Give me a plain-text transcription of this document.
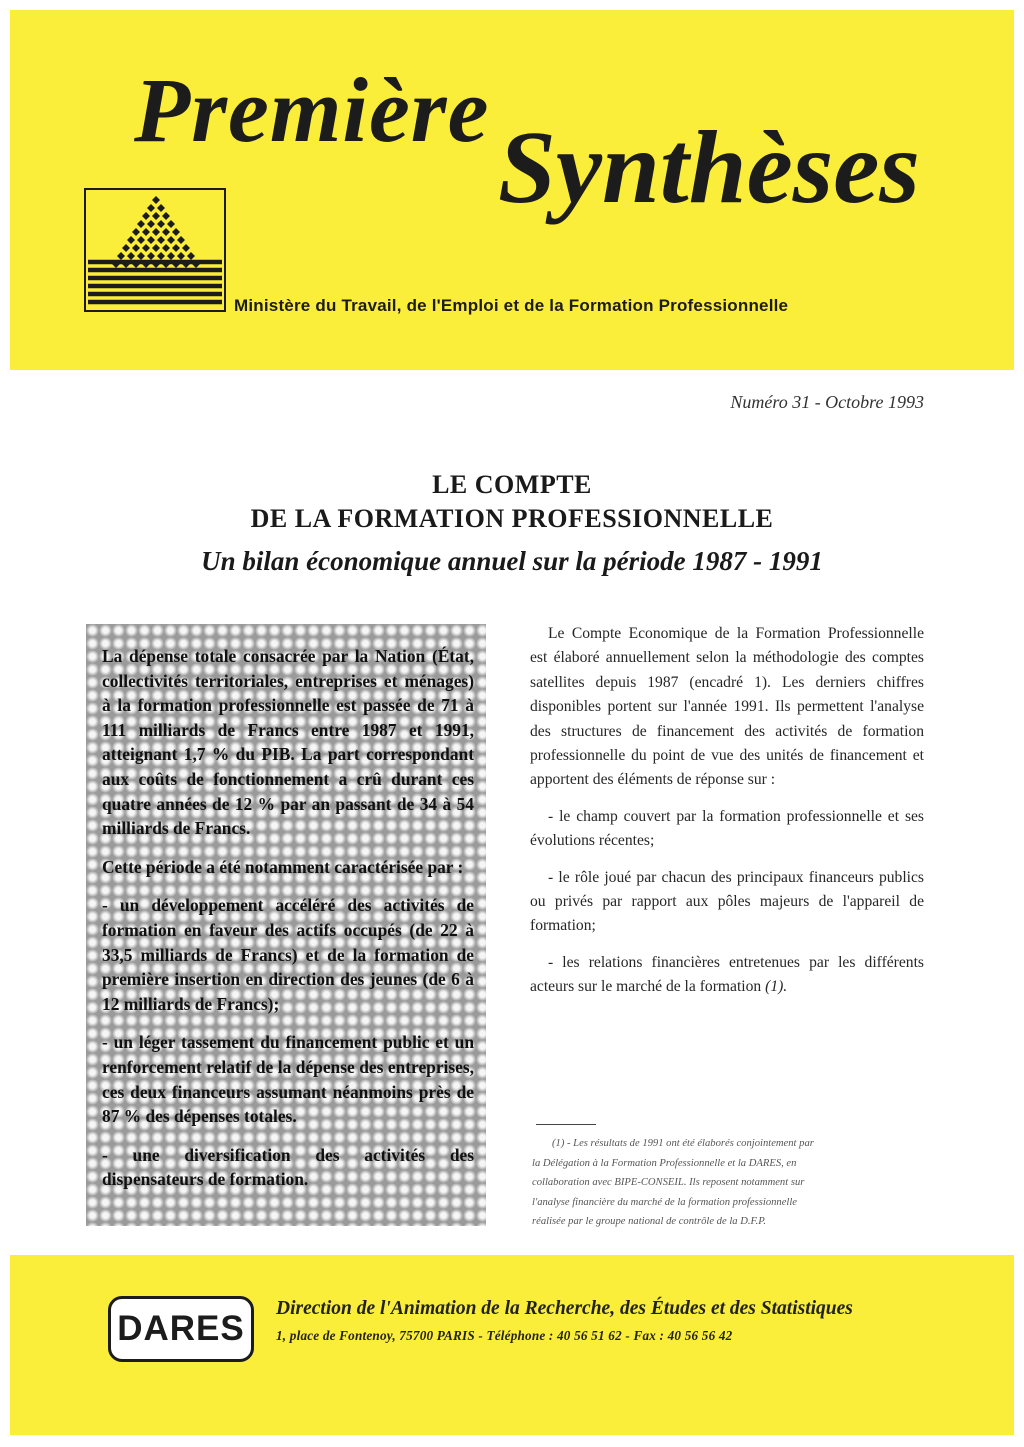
Première Synthèses

Ministère du Travail, de l'Emploi et de la Formation Professionnelle

Numéro 31 - Octobre 1993

LE COMPTE
DE LA FORMATION PROFESSIONNELLE
Un bilan économique annuel sur la période 1987 - 1991

La dépense totale consacrée par la Nation (État, collectivités territoriales, entreprises et ménages) à la formation professionnelle est passée de 71 à 111 milliards de Francs entre 1987 et 1991, atteignant 1,7 % du PIB. La part correspondant aux coûts de fonctionnement a crû durant ces quatre années de 12 % par an passant de 34 à 54 milliards de Francs.

Cette période a été notamment caractérisée par :

- un développement accéléré des activités de formation en faveur des actifs occupés (de 22 à 33,5 milliards de Francs) et de la formation de première insertion en direction des jeunes (de 6 à 12 milliards de Francs);

- un léger tassement du financement public et un renforcement relatif de la dépense des entreprises, ces deux financeurs assumant néanmoins près de 87 % des dépenses totales.

- une diversification des activités des dispensateurs de formation.

Le Compte Economique de la Formation Professionnelle est élaboré annuellement selon la méthodologie des comptes satellites depuis 1987 (encadré 1). Les derniers chiffres disponibles portent sur l'année 1991. Ils permettent l'analyse des structures de financement des activités de formation professionnelle du point de vue des unités de financement et apportent des éléments de réponse sur :

- le champ couvert par la formation professionnelle et ses évolutions récentes;

- le rôle joué par chacun des principaux financeurs publics ou privés par rapport aux pôles majeurs de l'appareil de formation;

- les relations financières entretenues par les différents acteurs sur le marché de la formation (1).

(1) - Les résultats de 1991 ont été élaborés conjointement par
la Délégation à la Formation Professionnelle et la DARES, en
collaboration avec BIPE-CONSEIL. Ils reposent notamment sur
l'analyse financière du marché de la formation professionnelle
réalisée par le groupe national de contrôle de la D.F.P.

DARES

Direction de l'Animation de la Recherche, des Études et des Statistiques

1, place de Fontenoy, 75700 PARIS - Téléphone : 40 56 51 62 - Fax : 40 56 56 42
